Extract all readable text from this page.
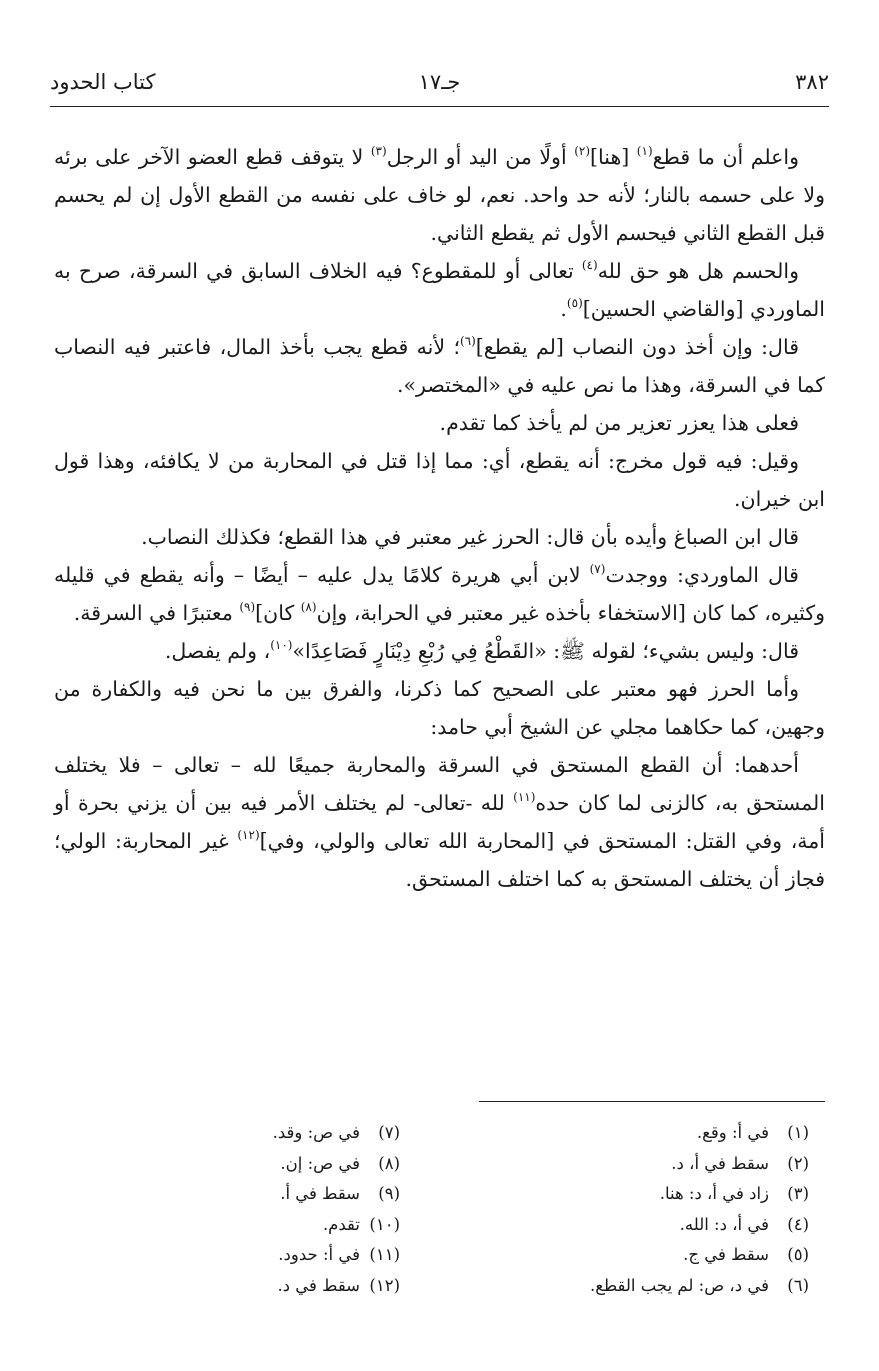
٣٨٢
جـ١٧
كتاب الحدود

واعلم أن ما قطع$^{(١)}$ [هنا]$^{(٢)}$ أولًا من اليد أو الرجل$^{(٣)}$ لا يتوقف قطع العضو الآخر على برئه ولا على حسمه بالنار؛ لأنه حد واحد. نعم، لو خاف على نفسه من القطع الأول إن لم يحسم قبل القطع الثاني فيحسم الأول ثم يقطع الثاني.

والحسم هل هو حق لله$^{(٤)}$ تعالى أو للمقطوع؟ فيه الخلاف السابق في السرقة، صرح به الماوردي [والقاضي الحسين]$^{(٥)}$.

قال: وإن أخذ دون النصاب [لم يقطع]$^{(٦)}$؛ لأنه قطع يجب بأخذ المال، فاعتبر فيه النصاب كما في السرقة، وهذا ما نص عليه في «المختصر».

فعلى هذا يعزر تعزير من لم يأخذ كما تقدم.

وقيل: فيه قول مخرج: أنه يقطع، أي: مما إذا قتل في المحاربة من لا يكافئه، وهذا قول ابن خيران.

قال ابن الصباغ وأيده بأن قال: الحرز غير معتبر في هذا القطع؛ فكذلك النصاب.

قال الماوردي: ووجدت$^{(٧)}$ لابن أبي هريرة كلامًا يدل عليه – أيضًا – وأنه يقطع في قليله وكثيره، كما كان [الاستخفاء بأخذه غير معتبر في الحرابة، وإن$^{(٨)}$ كان]$^{(٩)}$ معتبرًا في السرقة.

قال: وليس بشيء؛ لقوله ﷺ: «القَطْعُ فِي رُبْعِ دِيْنَارٍ فَصَاعِدًا»$^{(١٠)}$، ولم يفصل.

وأما الحرز فهو معتبر على الصحيح كما ذكرنا، والفرق بين ما نحن فيه والكفارة من وجهين، كما حكاهما مجلي عن الشيخ أبي حامد:

أحدهما: أن القطع المستحق في السرقة والمحاربة جميعًا لله – تعالى – فلا يختلف المستحق به، كالزنى لما كان حده$^{(١١)}$ لله -تعالى- لم يختلف الأمر فيه بين أن يزني بحرة أو أمة، وفي القتل: المستحق في [المحاربة الله تعالى والولي، وفي]$^{(١٢)}$ غير المحاربة: الولي؛ فجاز أن يختلف المستحق به كما اختلف المستحق.

(١)في أ: وقع.
(٢)سقط في أ، د.
(٣)زاد في أ، د: هنا.
(٤)في أ، د: الله.
(٥)سقط في ج.
(٦)في د، ص: لم يجب القطع.
(٧)في ص: وقد.
(٨)في ص: إن.
(٩)سقط في أ.
(١٠)تقدم.
(١١)في أ: حدود.
(١٢)سقط في د.
